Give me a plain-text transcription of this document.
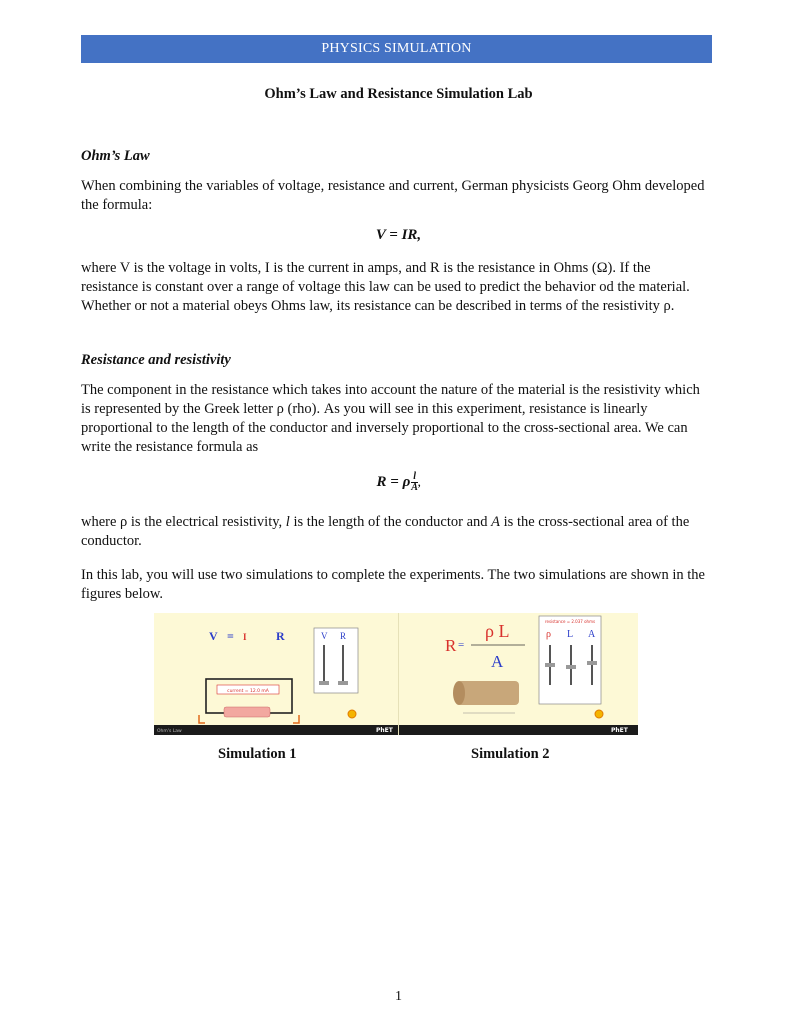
PHYSICS SIMULATION
Ohm’s Law and Resistance Simulation Lab
Ohm’s Law

When combining the variables of voltage, resistance and current, German physicists Georg Ohm developed the formula:

V = IR,

where V is the voltage in volts, I is the current in amps, and R is the resistance in Ohms (Ω). If the resistance is constant over a range of voltage this law can be used to predict the behavior od the material. Whether or not a material obeys Ohms law, its resistance can be described in terms of the resistivity ρ.

Resistance and resistivity

The component in the resistance which takes into account the nature of the material is the resistivity which is represented by the Greek letter ρ (rho). As you will see in this experiment, resistance is linearly proportional to the length of the conductor and inversely proportional to the cross-sectional area. We can write the resistance formula as

R = ρ $\frac{l}{A}$ ,

where ρ is the electrical resistivity, l is the length of the conductor and A is the cross-sectional area of the conductor.

In this lab, you will use two simulations to complete the experiments. The two simulations are shown in the figures below.

V = I R	V R
current = 12.0 mA
Ohm's Law	PhET
R =
ρ L
A
resistance = 2.037 ohms
ρ L A
PhET
Simulation 1	Simulation 2
1
